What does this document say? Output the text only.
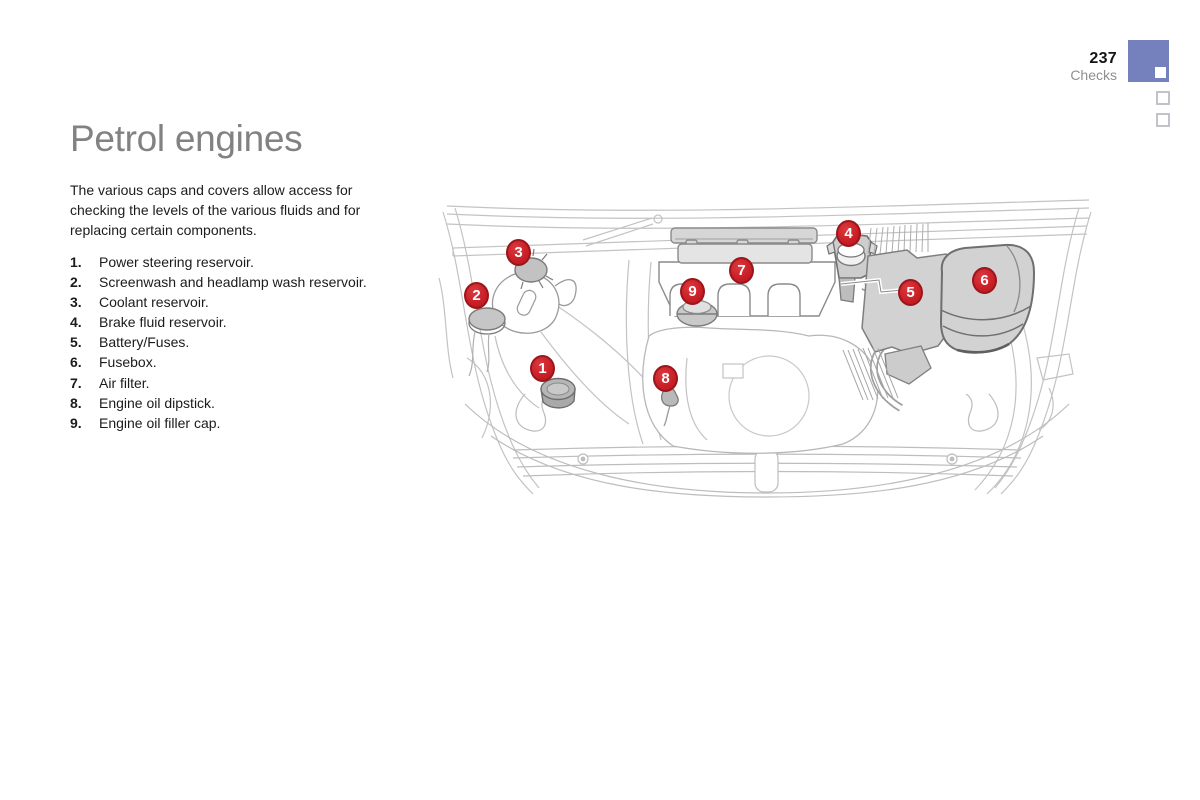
237
Checks
Petrol engines

The various caps and covers allow access for checking the levels of the various fluids and for replacing certain components.

1.	Power steering reservoir.
2.	Screenwash and headlamp wash reservoir.
3.	Coolant reservoir.
4.	Brake fluid reservoir.
5.	Battery/Fuses.
6.	Fusebox.
7.	Air filter.
8.	Engine oil dipstick.
9.	Engine oil filler cap.
1
2
3
4
5
6
7
8
9
